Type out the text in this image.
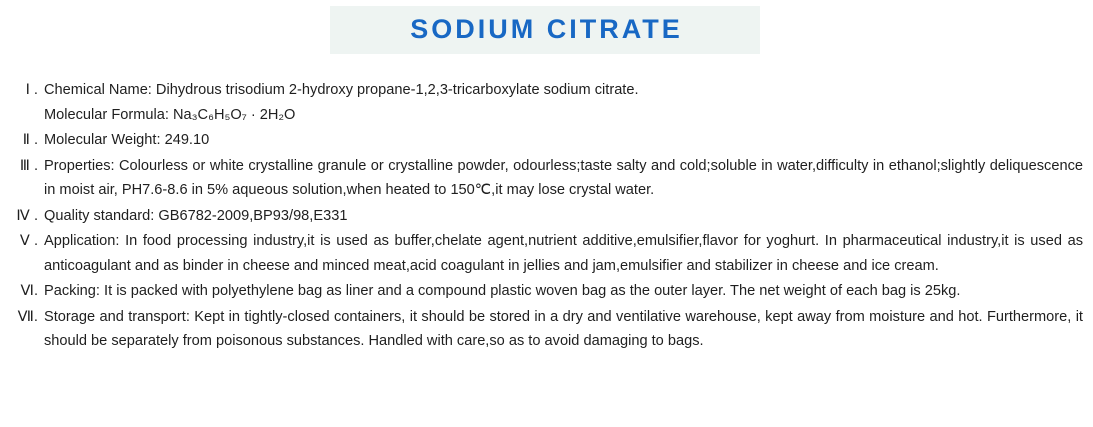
SODIUM CITRATE
Ⅰ . Chemical Name: Dihydrous trisodium 2-hydroxy propane-1,2,3-tricarboxylate sodium citrate.
Molecular Formula: Na₃C₆H₅O₇ · 2H₂O
Ⅱ . Molecular Weight: 249.10
Ⅲ . Properties: Colourless or white crystalline granule or crystalline powder, odourless;taste salty and cold;soluble in water,difficulty in ethanol;slightly deliquescence in moist air, PH7.6-8.6 in 5% aqueous solution,when heated to 150℃,it may lose crystal water.
Ⅳ . Quality standard: GB6782-2009,BP93/98,E331
Ⅴ . Application: In food processing industry,it is used as buffer,chelate agent,nutrient additive,emulsifier,flavor for yoghurt. In pharmaceutical industry,it is used as anticoagulant and as binder in cheese and minced meat,acid coagulant in jellies and jam,emulsifier and stabilizer in cheese and ice cream.
Ⅵ. Packing: It is packed with polyethylene bag as liner and a compound plastic woven bag as the outer layer. The net weight of each bag is 25kg.
Ⅶ. Storage and transport: Kept in tightly-closed containers, it should be stored in a dry and ventilative warehouse, kept away from moisture and hot. Furthermore, it should be separately from poisonous substances. Handled with care,so as to avoid damaging to bags.
